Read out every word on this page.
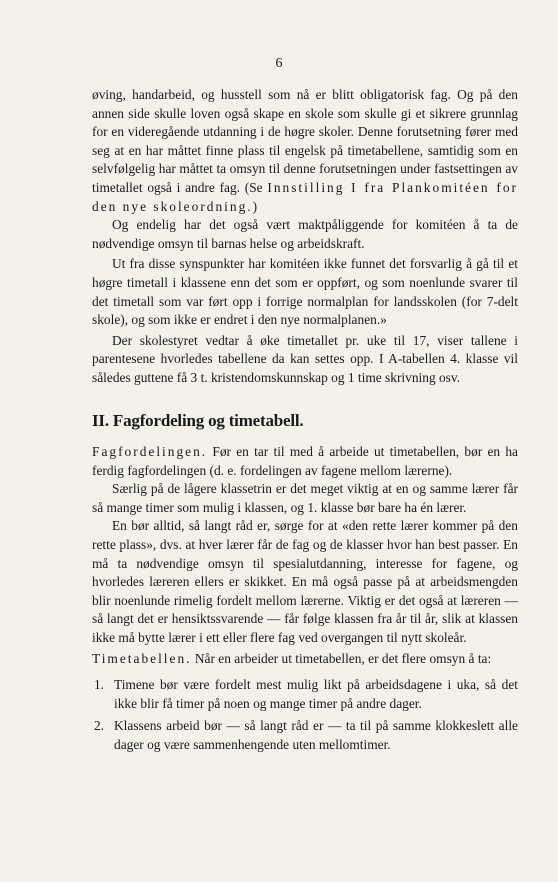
6

øving, handarbeid, og husstell som nå er blitt obligatorisk fag. Og på den annen side skulle loven også skape en skole som skulle gi et sikrere grunnlag for en videregående utdanning i de høgre skoler. Denne forutsetning fører med seg at en har måttet finne plass til engelsk på timetabellene, samtidig som en selvfølgelig har måttet ta omsyn til denne forutsetningen under fastsettingen av timetallet også i andre fag. (Se Innstilling I fra Plankomitéen for den nye skoleordning.)

Og endelig har det også vært maktpåliggende for komitéen å ta de nødvendige omsyn til barnas helse og arbeidskraft.

Ut fra disse synspunkter har komitéen ikke funnet det forsvarlig å gå til et høgre timetall i klassene enn det som er oppført, og som noenlunde svarer til det timetall som var ført opp i forrige normalplan for landsskolen (for 7-delt skole), og som ikke er endret i den nye normalplanen.»

Der skolestyret vedtar å øke timetallet pr. uke til 17, viser tallene i parentesene hvorledes tabellene da kan settes opp. I A-tabellen 4. klasse vil således guttene få 3 t. kristendomskunnskap og 1 time skrivning osv.

II. Fagfordeling og timetabell.

Fagfordelingen. Før en tar til med å arbeide ut timetabellen, bør en ha ferdig fagfordelingen (d. e. fordelingen av fagene mellom lærerne).

Særlig på de lågere klassetrin er det meget viktig at en og samme lærer får så mange timer som mulig i klassen, og 1. klasse bør bare ha én lærer.

En bør alltid, så langt råd er, sørge for at «den rette lærer kommer på den rette plass», dvs. at hver lærer får de fag og de klasser hvor han best passer. En må ta nødvendige omsyn til spesialutdanning, interesse for fagene, og hvorledes læreren ellers er skikket. En må også passe på at arbeidsmengden blir noenlunde rimelig fordelt mellom lærerne. Viktig er det også at læreren — så langt det er hensiktssvarende — får følge klassen fra år til år, slik at klassen ikke må bytte lærer i ett eller flere fag ved overgangen til nytt skoleår.

Timetabellen. Når en arbeider ut timetabellen, er det flere omsyn å ta:

1. Timene bør være fordelt mest mulig likt på arbeidsdagene i uka, så det ikke blir få timer på noen og mange timer på andre dager.
2. Klassens arbeid bør — så langt råd er — ta til på samme klokkeslett alle dager og være sammenhengende uten mellomtimer.
